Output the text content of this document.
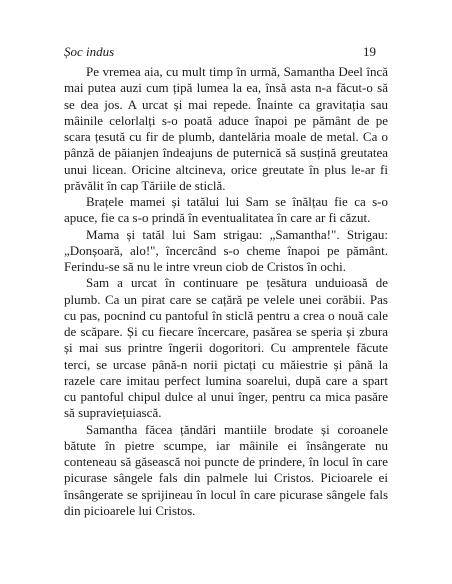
Șoc indus	19

Pe vremea aia, cu mult timp în urmă, Samantha Deel încă mai putea auzi cum țipă lumea la ea, însă asta n-a făcut-o să se dea jos. A urcat și mai repede. Înainte ca gravitația sau mâinile celorlalți s-o poată aduce înapoi pe pământ de pe scara țesută cu fir de plumb, dantelăria moale de metal. Ca o pânză de păianjen îndeajuns de puternică să susțină greutatea unui licean. Oricine altcineva, orice greutate în plus le-ar fi prăvălit în cap Tăriile de sticlă.

Brațele mamei și tatălui lui Sam se înălțau fie ca s-o apuce, fie ca s-o prindă în eventualitatea în care ar fi căzut.

Mama și tatăl lui Sam strigau: „Samantha!". Strigau: „Donșoară, alo!", încercând s-o cheme înapoi pe pământ. Ferindu-se să nu le intre vreun ciob de Cristos în ochi.

Sam a urcat în continuare pe țesătura unduioasă de plumb. Ca un pirat care se cațără pe velele unei corăbii. Pas cu pas, pocnind cu pantoful în sticlă pentru a crea o nouă cale de scăpare. Și cu fiecare încercare, pasărea se speria și zbura și mai sus printre îngerii dogoritori. Cu amprentele făcute terci, se urcase până-n norii pictați cu măiestrie și până la razele care imitau perfect lumina soarelui, după care a spart cu pantoful chipul dulce al unui înger, pentru ca mica pasăre să supraviețuiască.

Samantha făcea țăndări mantiile brodate și coroanele bătute în pietre scumpe, iar mâinile ei însângerate nu conteneau să găsească noi puncte de prindere, în locul în care picurase sângele fals din palmele lui Cristos. Picioarele ei însângerate se sprijineau în locul în care picurase sângele fals din picioarele lui Cristos.
